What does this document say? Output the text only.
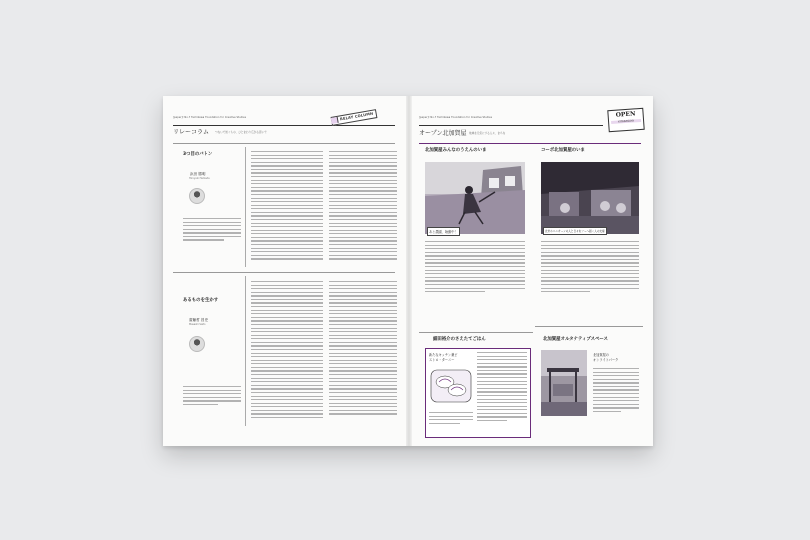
[paper]! No.7 Tachikawa Foundation for Creative Studies
リレーコラム つないで紡ぐもの、ひとまわり広がる思いで
RELAY COLUMN
3つ目のバトン
浜田 勝明
Hiroyuki Hamada
あるものを生かす
齋藤哲 昌史
Masashi Saito
[paper]! No.7 Tachikawa Foundation for Creative Studies
オープン北加賀屋 地域を元気にする人々、まちを
OPEN
KITAKAGAYA
北加賀屋みんなのうえんのいま
あと農園、始動中！
コーポ北加賀屋のいま
北米ホユニオーンの人と日々をソーへ届く人の支援
細田裕介のさえたてごはん
新たなキッチン兼ビストロ・ターニー
北加賀屋オルタナティブスペース
北加賀屋の
オンライトパーク
